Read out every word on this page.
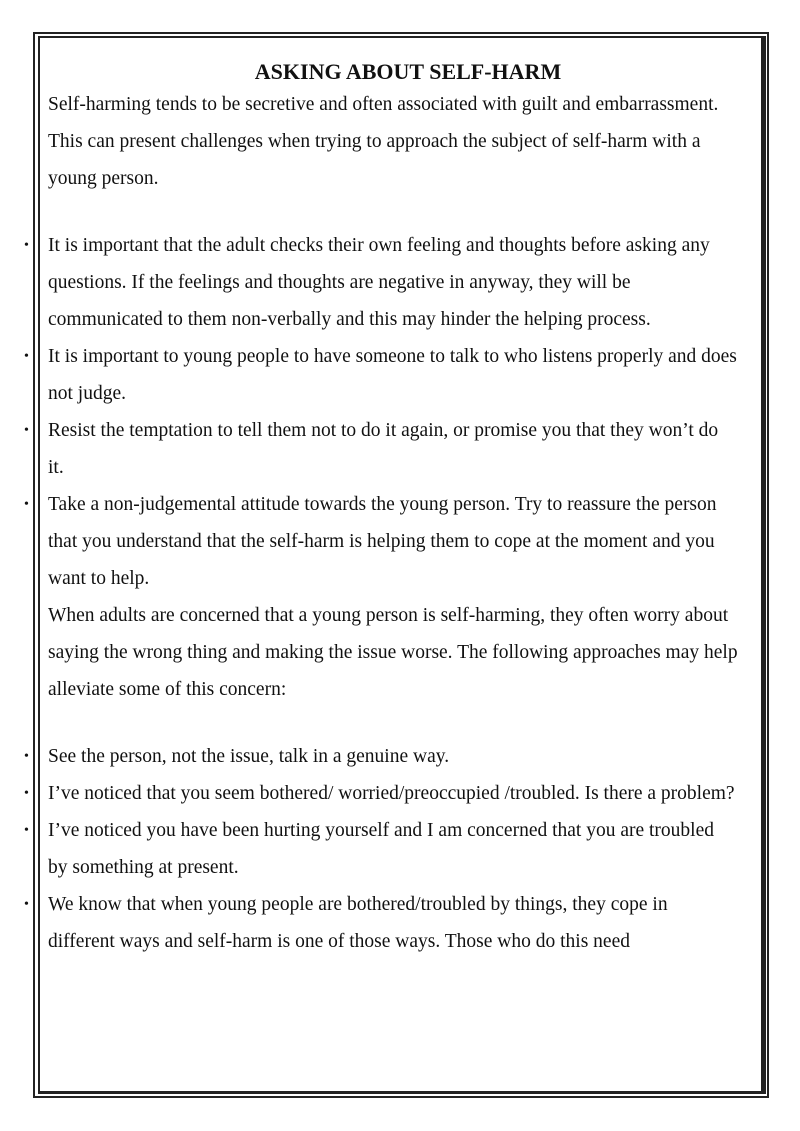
ASKING ABOUT SELF-HARM

Self-harming tends to be secretive and often associated with guilt and embarrassment. This can present challenges when trying to approach the subject of self-harm with a young person.

• It is important that the adult checks their own feeling and thoughts before asking any questions. If the feelings and thoughts are negative in anyway, they will be communicated to them non-verbally and this may hinder the helping process.
• It is important to young people to have someone to talk to who listens properly and does not judge.
• Resist the temptation to tell them not to do it again, or promise you that they won’t do it.
• Take a non-judgemental attitude towards the young person. Try to reassure the person that you understand that the self-harm is helping them to cope at the moment and you want to help.

When adults are concerned that a young person is self-harming, they often worry about saying the wrong thing and making the issue worse. The following approaches may help alleviate some of this concern:

• See the person, not the issue, talk in a genuine way.
• I’ve noticed that you seem bothered/ worried/preoccupied /troubled. Is there a problem?
• I’ve noticed you have been hurting yourself and I am concerned that you are troubled by something at present.
• We know that when young people are bothered/troubled by things, they cope in different ways and self-harm is one of those ways. Those who do this need
